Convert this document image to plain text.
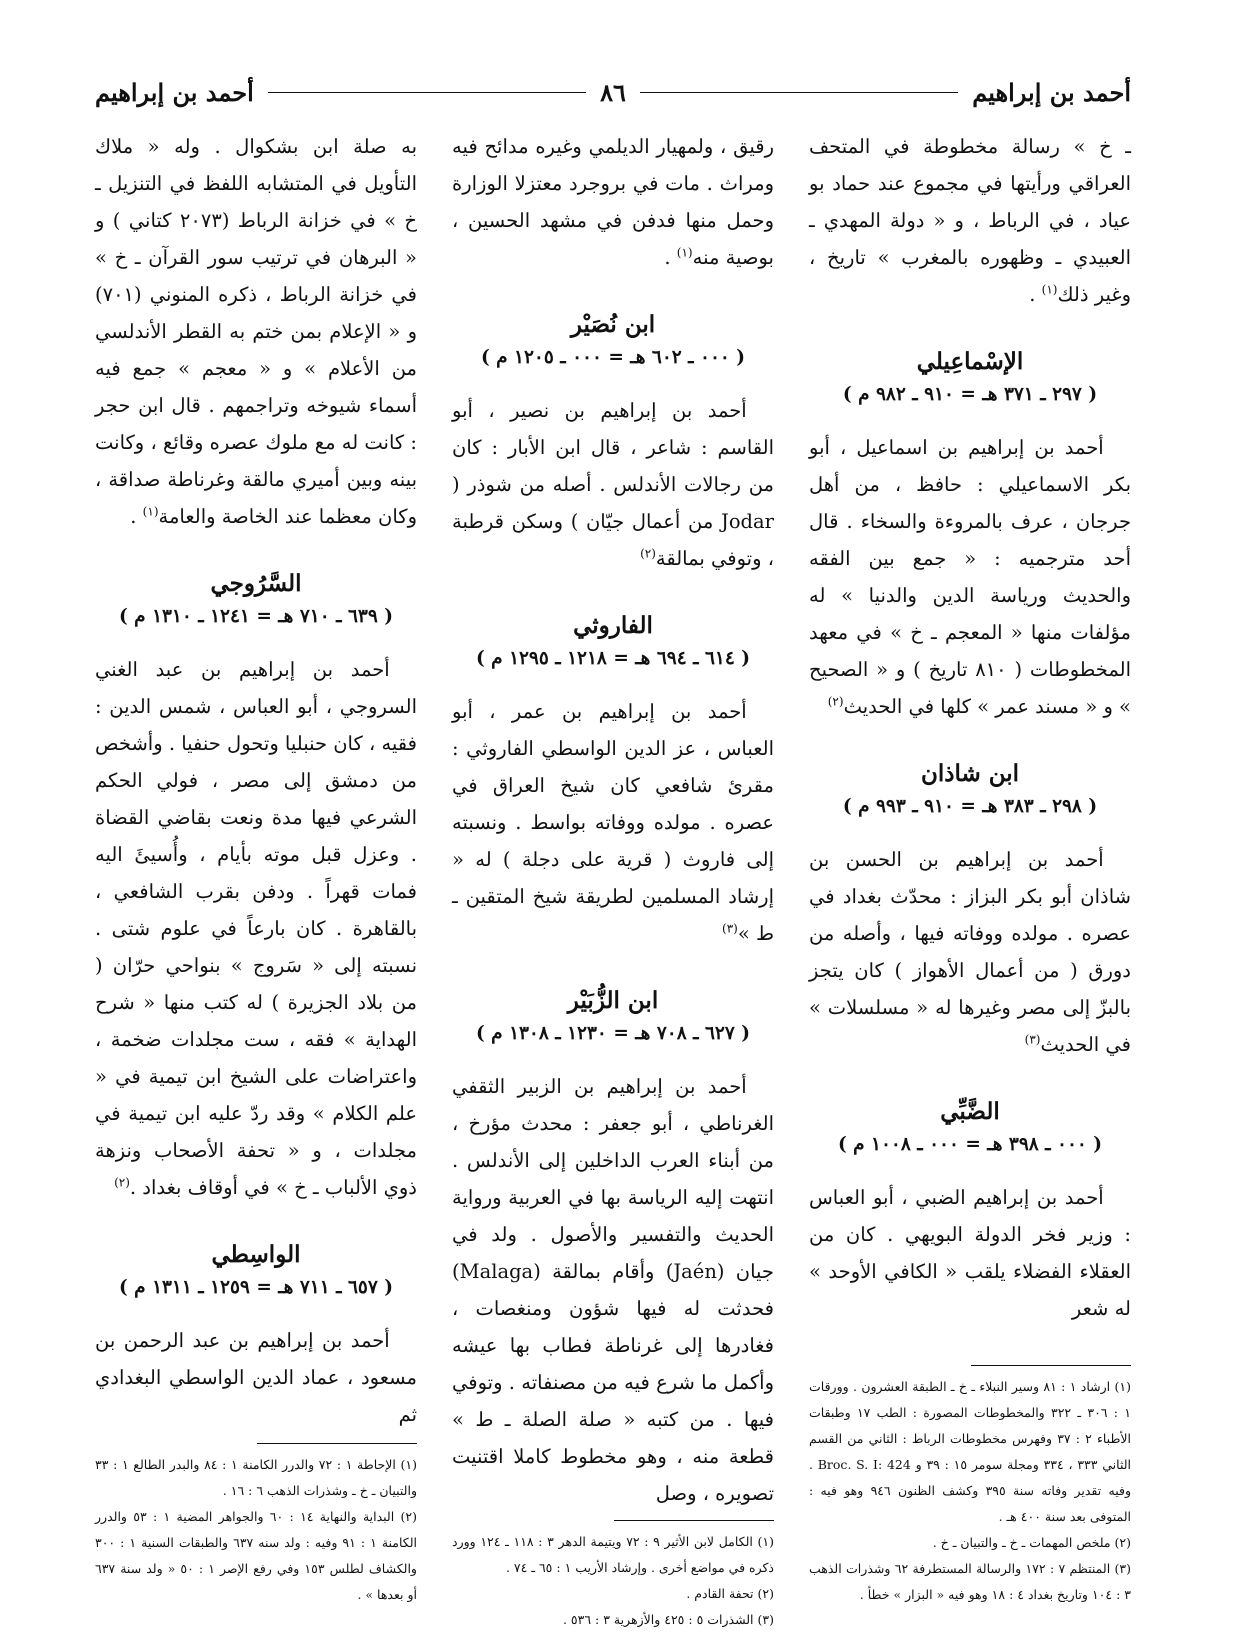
أحمد بن إبراهيم
٨٦
أحمد بن إبراهيم

ـ خ » رسالة مخطوطة في المتحف العراقي ورأيتها في مجموع عند حماد بو عياد ، في الرباط ، و « دولة المهدي ـ العبيدي ـ وظهوره بالمغرب » تاريخ ، وغير ذلك$^{(١)}$ .

الإسْماعِيلي

( ٢٩٧ ـ ٣٧١ هـ = ٩١٠ ـ ٩٨٢ م )

أحمد بن إبراهيم بن اسماعيل ، أبو بكر الاسماعيلي : حافظ ، من أهل جرجان ، عرف بالمروءة والسخاء . قال أحد مترجميه : « جمع بين الفقه والحديث ورياسة الدين والدنيا » له مؤلفات منها « المعجم ـ خ » في معهد المخطوطات ( ٨١٠ تاريخ ) و « الصحيح » و « مسند عمر » كلها في الحديث$^{(٢)}$

ابن شاذان

( ٢٩٨ ـ ٣٨٣ هـ = ٩١٠ ـ ٩٩٣ م )

أحمد بن إبراهيم بن الحسن بن شاذان أبو بكر البزاز : محدّث بغداد في عصره . مولده ووفاته فيها ، وأصله من دورق ( من أعمال الأهواز ) كان يتجز بالبزّ إلى مصر وغيرها له « مسلسلات » في الحديث$^{(٣)}$

الضَّبِّي

( ٠٠٠ ـ ٣٩٨ هـ = ٠٠٠ ـ ١٠٠٨ م )

أحمد بن إبراهيم الضبي ، أبو العباس : وزير فخر الدولة البويهي . كان من العقلاء الفضلاء يلقب « الكافي الأوحد » له شعر

(١) ارشاد ١ : ٨١ وسير النبلاء ـ خ ـ الطبقة العشرون . وورقات ١ : ٣٠٦ ـ ٣٢٢ والمخطوطات المصورة : الطب ١٧ وطبقات الأطباء ٢ : ٣٧ وفهرس مخطوطات الرباط : الثاني من القسم الثاني ٣٣٣ ، ٣٣٤ ومجلة سومر ١٥ : ٣٩ و Broc. S. I: 424 . وفيه تقدير وفاته سنة ٣٩٥ وكشف الظنون ٩٤٦ وهو فيه : المتوفى بعد سنة ٤٠٠ هـ .

(٢) ملخص المهمات ـ خ ـ والتبيان ـ خ .

(٣) المنتظم ٧ : ١٧٢ والرسالة المستطرفة ٦٢ وشذرات الذهب ٣ : ١٠٤ وتاريخ بغداد ٤ : ١٨ وهو فيه « البزار » خطأ .

رقيق ، ولمهيار الديلمي وغيره مدائح فيه ومراث . مات في بروجرد معتزلا الوزارة وحمل منها فدفن في مشهد الحسين ، بوصية منه$^{(١)}$ .

ابن نُصَيْر

( ٠٠٠ ـ ٦٠٢ هـ = ٠٠٠ ـ ١٢٠٥ م )

أحمد بن إبراهيم بن نصير ، أبو القاسم : شاعر ، قال ابن الأبار : كان من رجالات الأندلس . أصله من شوذر ( Jodar من أعمال جيّان ) وسكن قرطبة ، وتوفي بمالقة$^{(٢)}$

الفاروثي

( ٦١٤ ـ ٦٩٤ هـ = ١٢١٨ ـ ١٢٩٥ م )

أحمد بن إبراهيم بن عمر ، أبو العباس ، عز الدين الواسطي الفاروثي : مقرئ شافعي كان شيخ العراق في عصره . مولده ووفاته بواسط . ونسبته إلى فاروث ( قرية على دجلة ) له « إرشاد المسلمين لطريقة شيخ المتقين ـ ط »$^{(٣)}$

ابن الزُّبَيْر

( ٦٢٧ ـ ٧٠٨ هـ = ١٢٣٠ ـ ١٣٠٨ م )

أحمد بن إبراهيم بن الزبير الثقفي الغرناطي ، أبو جعفر : محدث مؤرخ ، من أبناء العرب الداخلين إلى الأندلس . انتهت إليه الرياسة بها في العربية ورواية الحديث والتفسير والأصول . ولد في جيان (Jaén) وأقام بمالقة (Malaga) فحدثت له فيها شؤون ومنغصات ، فغادرها إلى غرناطة فطاب بها عيشه وأكمل ما شرع فيه من مصنفاته . وتوفي فيها . من كتبه « صلة الصلة ـ ط » قطعة منه ، وهو مخطوط كاملا اقتنيت تصويره ، وصل

(١) الكامل لابن الأثير ٩ : ٧٢ ويتيمة الدهر ٣ : ١١٨ ـ ١٢٤ وورد ذكره في مواضع أخرى . وإرشاد الأريب ١ : ٦٥ ـ ٧٤ .

(٢) تحفة القادم .

(٣) الشذرات ٥ : ٤٢٥ والأزهرية ٣ : ٥٣٦ .

به صلة ابن بشكوال . وله « ملاك التأويل في المتشابه اللفظ في التنزيل ـ خ » في خزانة الرباط (٢٠٧٣ كتاني ) و « البرهان في ترتيب سور القرآن ـ خ » في خزانة الرباط ، ذكره المنوني (٧٠١) و « الإعلام بمن ختم به القطر الأندلسي من الأعلام » و « معجم » جمع فيه أسماء شيوخه وتراجمهم . قال ابن حجر : كانت له مع ملوك عصره وقائع ، وكانت بينه وبين أميري مالقة وغرناطة صداقة ، وكان معظما عند الخاصة والعامة$^{(١)}$ .

السَّرُوجي

( ٦٣٩ ـ ٧١٠ هـ = ١٢٤١ ـ ١٣١٠ م )

أحمد بن إبراهيم بن عبد الغني السروجي ، أبو العباس ، شمس الدين : فقيه ، كان حنبليا وتحول حنفيا . وأشخص من دمشق إلى مصر ، فولي الحكم الشرعي فيها مدة ونعت بقاضي القضاة . وعزل قبل موته بأيام ، وأُسيئَ اليه فمات قهراً . ودفن بقرب الشافعي ، بالقاهرة . كان بارعاً في علوم شتى . نسبته إلى « سَروج » بنواحي حرّان ( من بلاد الجزيرة ) له كتب منها « شرح الهداية » فقه ، ست مجلدات ضخمة ، واعتراضات على الشيخ ابن تيمية في « علم الكلام » وقد ردّ عليه ابن تيمية في مجلدات ، و « تحفة الأصحاب ونزهة ذوي الألباب ـ خ » في أوقاف بغداد .$^{(٢)}$

الواسِطي

( ٦٥٧ ـ ٧١١ هـ = ١٢٥٩ ـ ١٣١١ م )

أحمد بن إبراهيم بن عبد الرحمن بن مسعود ، عماد الدين الواسطي البغدادي ثم

(١) الإحاطة ١ : ٧٢ والدرر الكامنة ١ : ٨٤ والبدر الطالع ١ : ٣٣ والتبيان ـ خ ـ وشذرات الذهب ٦ : ١٦ .

(٢) البداية والنهاية ١٤ : ٦٠ والجواهر المضية ١ : ٥٣ والدرر الكامنة ١ : ٩١ وفيه : ولد سنه ٦٣٧ والطبقات السنية ١ : ٣٠٠ والكشاف لطلس ١٥٣ وفي رفع الإصر ١ : ٥٠ « ولد سنة ٦٣٧ أو بعدها » .
